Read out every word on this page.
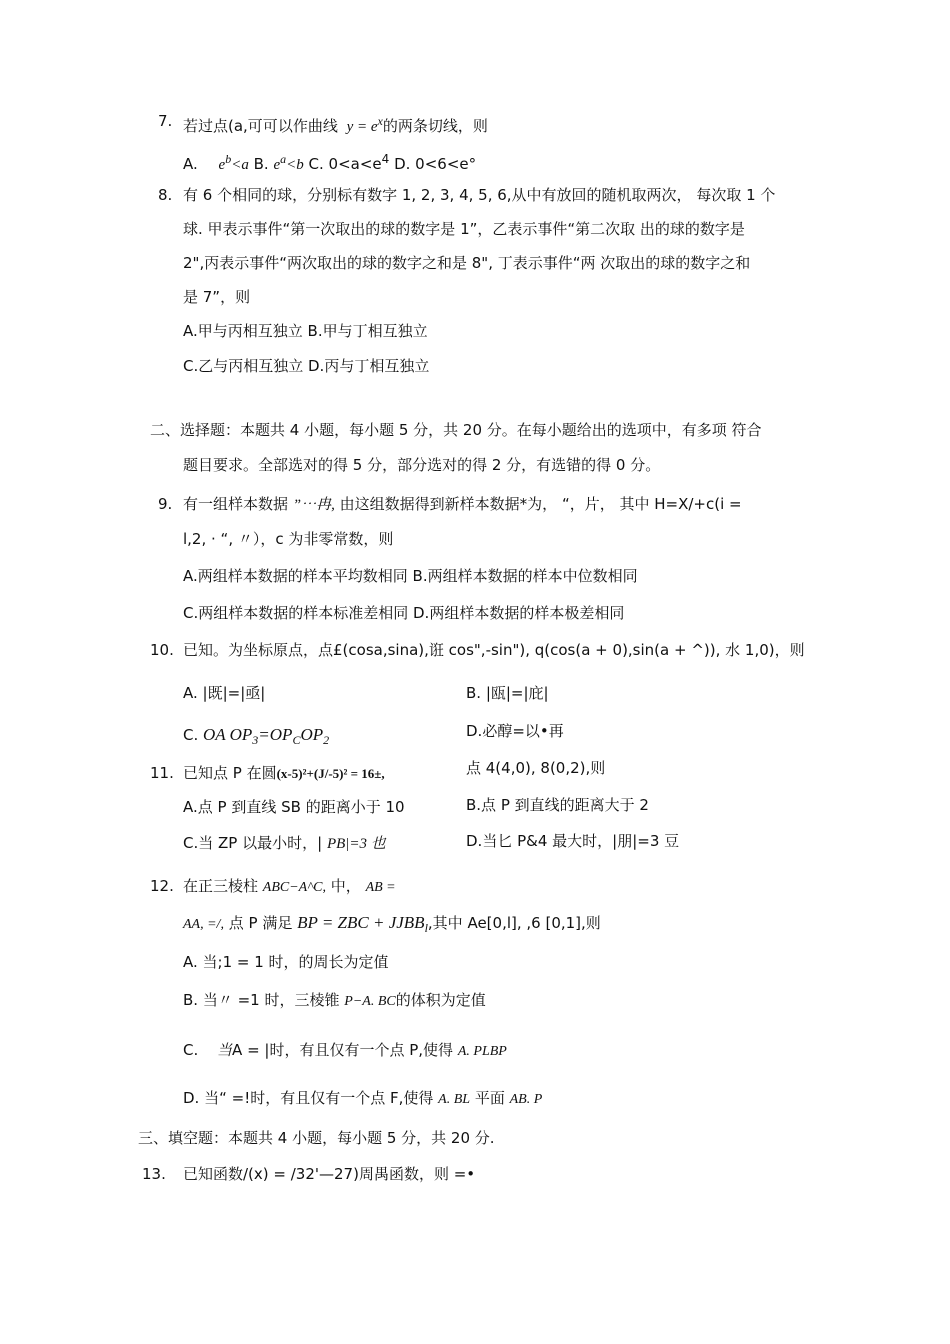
7. 若过点(a,可可以作曲线 $y = e^x$的两条切线，则
A. $e^b<a$ B. $e^a<b$ C. $0<a<e^4$ D. 0<6<e°
8. 有 6 个相同的球，分别标有数字 1, 2, 3, 4, 5, 6,从中有放回的随机取两次， 每次取 1 个
球. 甲表示事件“第一次取出的球的数字是 1”，乙表示事件“第二次取 出的球的数字是
2",丙表示事件“两次取出的球的数字之和是 8", 丁表示事件“两 次取出的球的数字之和
是 7”，则
A.甲与丙相互独立 B.甲与丁相互独立
C.乙与丙相互独立 D.丙与丁相互独立
二、选择题：本题共 4 小题，每小题 5 分，共 20 分。在每小题给出的选项中，有多项 符合
题目要求。全部选对的得 5 分，部分选对的得 2 分，有选错的得 0 分。
9. 有一组样本数据 ”⋯冉, 由这组数据得到新样本数据*为， “，片， 其中 H=X/+c(i =
l,2, · “, 〃），c 为非零常数，则
A.两组样本数据的样本平均数相同 B.两组样本数据的样本中位数相同
C.两组样本数据的样本标准差相同 D.两组样本数据的样本极差相同
10. 已知。为坐标原点，点£(cosa,sina),诳 cos",-sin"), q(cos(a + 0),sin(a + ^)), 水 1,0)，则
A. |既|=|亟|	B. |瓯|=|庇|
C. OA $OP_3=OP_COP_2$	D.必醇=以•再
11. 已知点 P 在圆(x-5)²+(J/-5)² = 16±,	点 4(4,0), 8(0,2),则
A.点 P 到直线 SB 的距离小于 10	B.点 P 到直线的距离大于 2
C.当 ZP 以最小时，| PB|=3 也	D.当匕 P&4 最大时，|朋|=3 豆
12. 在正三棱柱 ABC−A^C, 中， AB =
AA, =/, 点 P 满足 BP = ZBC + $JJBB_l$,其中 Ae[0,l], ,6 [0,1],则
A. 当;1 = 1 时，的周长为定值
B. 当〃 =1 时，三棱锥 P−A. BC的体积为定值
C. 当A = |时，有且仅有一个点 P,使得 A. PLBP
D. 当“ =!时，有且仅有一个点 F,使得 A. BL 平面 AB. P
三、填空题：本题共 4 小题，每小题 5 分，共 20 分.
13. 已知函数/(x) = /32'—27)周禺函数，则 =•
